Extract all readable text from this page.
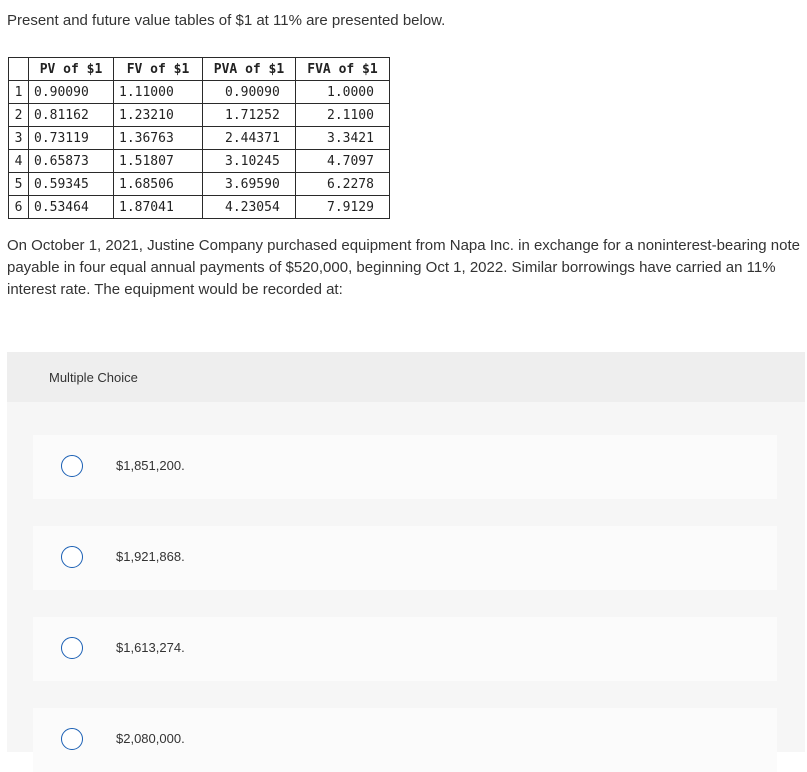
Present and future value tables of $1 at 11% are presented below.

	PV of $1	FV of $1	PVA of $1	FVA of $1
1	0.90090	1.11000	0.90090	1.0000
2	0.81162	1.23210	1.71252	2.1100
3	0.73119	1.36763	2.44371	3.3421
4	0.65873	1.51807	3.10245	4.7097
5	0.59345	1.68506	3.69590	6.2278
6	0.53464	1.87041	4.23054	7.9129

On October 1, 2021, Justine Company purchased equipment from Napa Inc. in exchange for a noninterest-bearing note payable in four equal annual payments of $520,000, beginning Oct 1, 2022. Similar borrowings have carried an 11% interest rate. The equipment would be recorded at:

Multiple Choice
$1,851,200.
$1,921,868.
$1,613,274.
$2,080,000.
